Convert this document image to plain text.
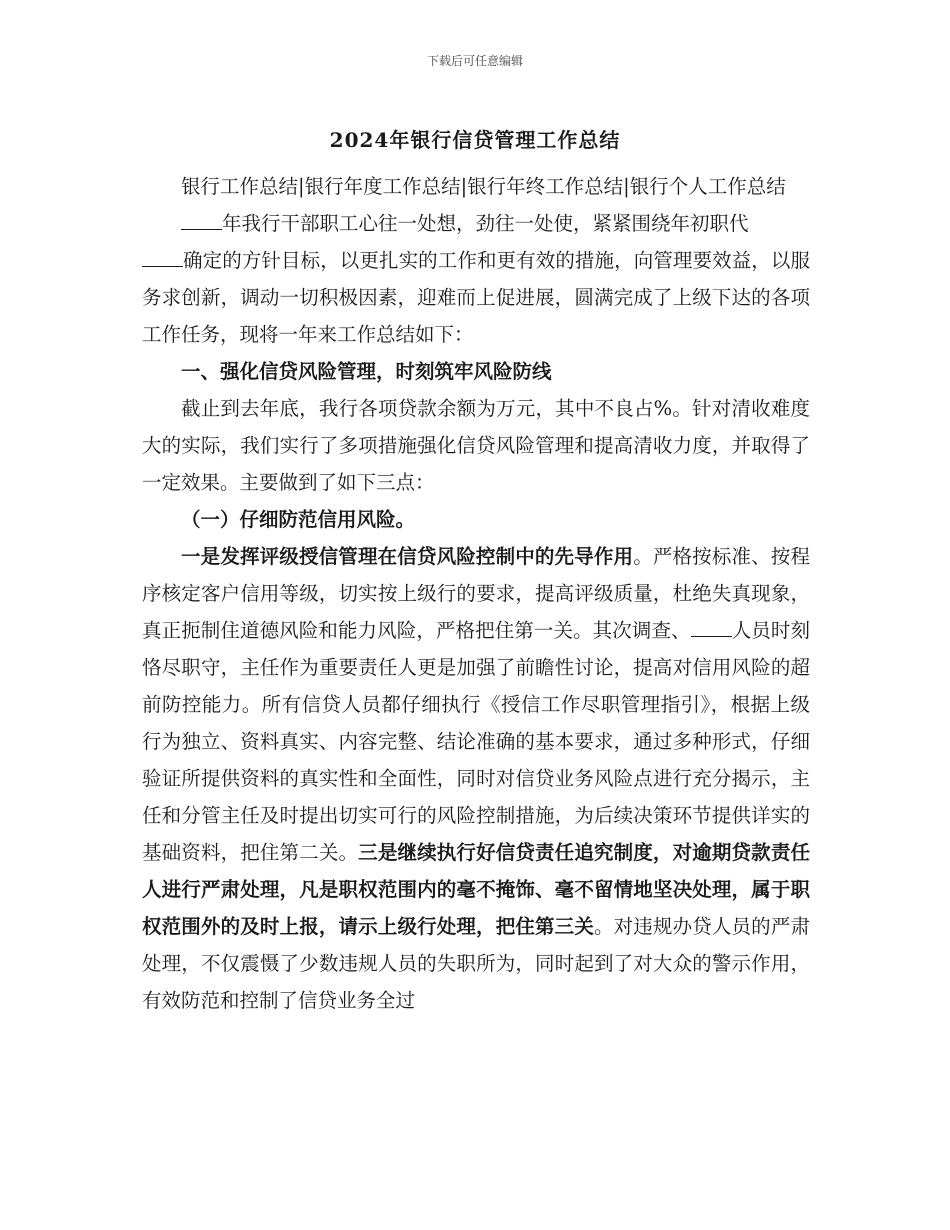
下载后可任意编辑
2024年银行信贷管理工作总结

银行工作总结|银行年度工作总结|银行年终工作总结|银行个人工作总结

年我行干部职工心往一处想，劲往一处使，紧紧围绕年初职代

确定的方针目标，以更扎实的工作和更有效的措施，向管理要效益，以服务求创新，调动一切积极因素，迎难而上促进展，圆满完成了上级下达的各项工作任务，现将一年来工作总结如下：

一、强化信贷风险管理，时刻筑牢风险防线

截止到去年底，我行各项贷款余额为万元，其中不良占%。针对清收难度大的实际，我们实行了多项措施强化信贷风险管理和提高清收力度，并取得了一定效果。主要做到了如下三点：

（一）仔细防范信用风险。

一是发挥评级授信管理在信贷风险控制中的先导作用。严格按标准、按程序核定客户信用等级，切实按上级行的要求，提高评级质量，杜绝失真现象，真正扼制住道德风险和能力风险，严格把住第一关。其次调查、 人员时刻恪尽职守，主任作为重要责任人更是加强了前瞻性讨论，提高对信用风险的超前防控能力。所有信贷人员都仔细执行《授信工作尽职管理指引》，根据上级行为独立、资料真实、内容完整、结论准确的基本要求，通过多种形式，仔细验证所提供资料的真实性和全面性，同时对信贷业务风险点进行充分揭示，主任和分管主任及时提出切实可行的风险控制措施，为后续决策环节提供详实的基础资料，把住第二关。三是继续执行好信贷责任追究制度，对逾期贷款责任人进行严肃处理，凡是职权范围内的毫不掩饰、毫不留情地坚决处理，属于职权范围外的及时上报，请示上级行处理，把住第三关。对违规办贷人员的严肃处理，不仅震慑了少数违规人员的失职所为，同时起到了对大众的警示作用，有效防范和控制了信贷业务全过
